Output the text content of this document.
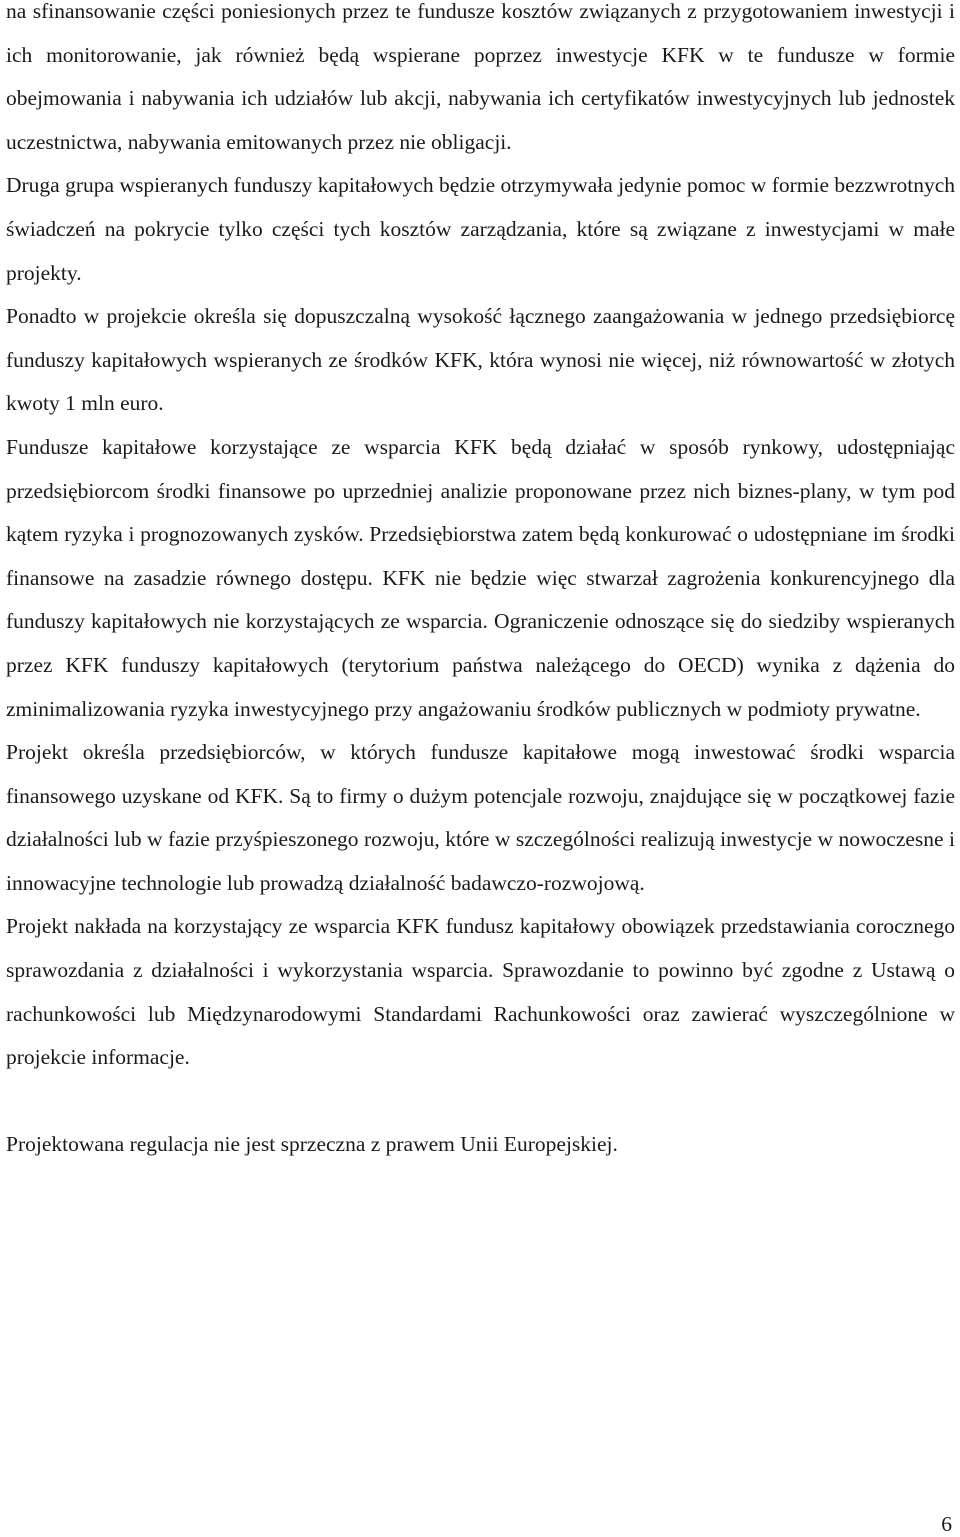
na sfinansowanie części poniesionych przez te fundusze kosztów związanych z przygotowaniem inwestycji i ich monitorowanie, jak również będą wspierane poprzez inwestycje KFK w te fundusze w formie obejmowania i nabywania ich udziałów lub akcji, nabywania ich certyfikatów inwestycyjnych lub jednostek uczestnictwa, nabywania emitowanych przez nie obligacji.

Druga grupa wspieranych funduszy kapitałowych będzie otrzymywała jedynie pomoc w formie bezzwrotnych świadczeń na pokrycie tylko części tych kosztów zarządzania, które są związane z inwestycjami w małe projekty.

Ponadto w projekcie określa się dopuszczalną wysokość łącznego zaangażowania w jednego przedsiębiorcę funduszy kapitałowych wspieranych ze środków KFK, która wynosi nie więcej, niż równowartość w złotych kwoty 1 mln euro.

Fundusze kapitałowe korzystające ze wsparcia KFK będą działać w sposób rynkowy, udostępniając przedsiębiorcom środki finansowe po uprzedniej analizie proponowane przez nich biznes-plany, w tym pod kątem ryzyka i prognozowanych zysków. Przedsiębiorstwa zatem będą konkurować o udostępniane im środki finansowe na zasadzie równego dostępu. KFK nie będzie więc stwarzał zagrożenia konkurencyjnego dla funduszy kapitałowych nie korzystających ze wsparcia. Ograniczenie odnoszące się do siedziby wspieranych przez KFK funduszy kapitałowych (terytorium państwa należącego do OECD) wynika z dążenia do zminimalizowania ryzyka inwestycyjnego przy angażowaniu środków publicznych w podmioty prywatne.

Projekt określa przedsiębiorców, w których fundusze kapitałowe mogą inwestować środki wsparcia finansowego uzyskane od KFK. Są to firmy o dużym potencjale rozwoju, znajdujące się w początkowej fazie działalności lub w fazie przyśpieszonego rozwoju, które w szczególności realizują inwestycje w nowoczesne i innowacyjne technologie lub prowadzą działalność badawczo-rozwojową.

Projekt nakłada na korzystający ze wsparcia KFK fundusz kapitałowy obowiązek przedstawiania corocznego sprawozdania z działalności i wykorzystania wsparcia. Sprawozdanie to powinno być zgodne z Ustawą o rachunkowości lub Międzynarodowymi Standardami Rachunkowości oraz zawierać wyszczególnione w projekcie informacje.

Projektowana regulacja nie jest sprzeczna z prawem Unii Europejskiej.

6
